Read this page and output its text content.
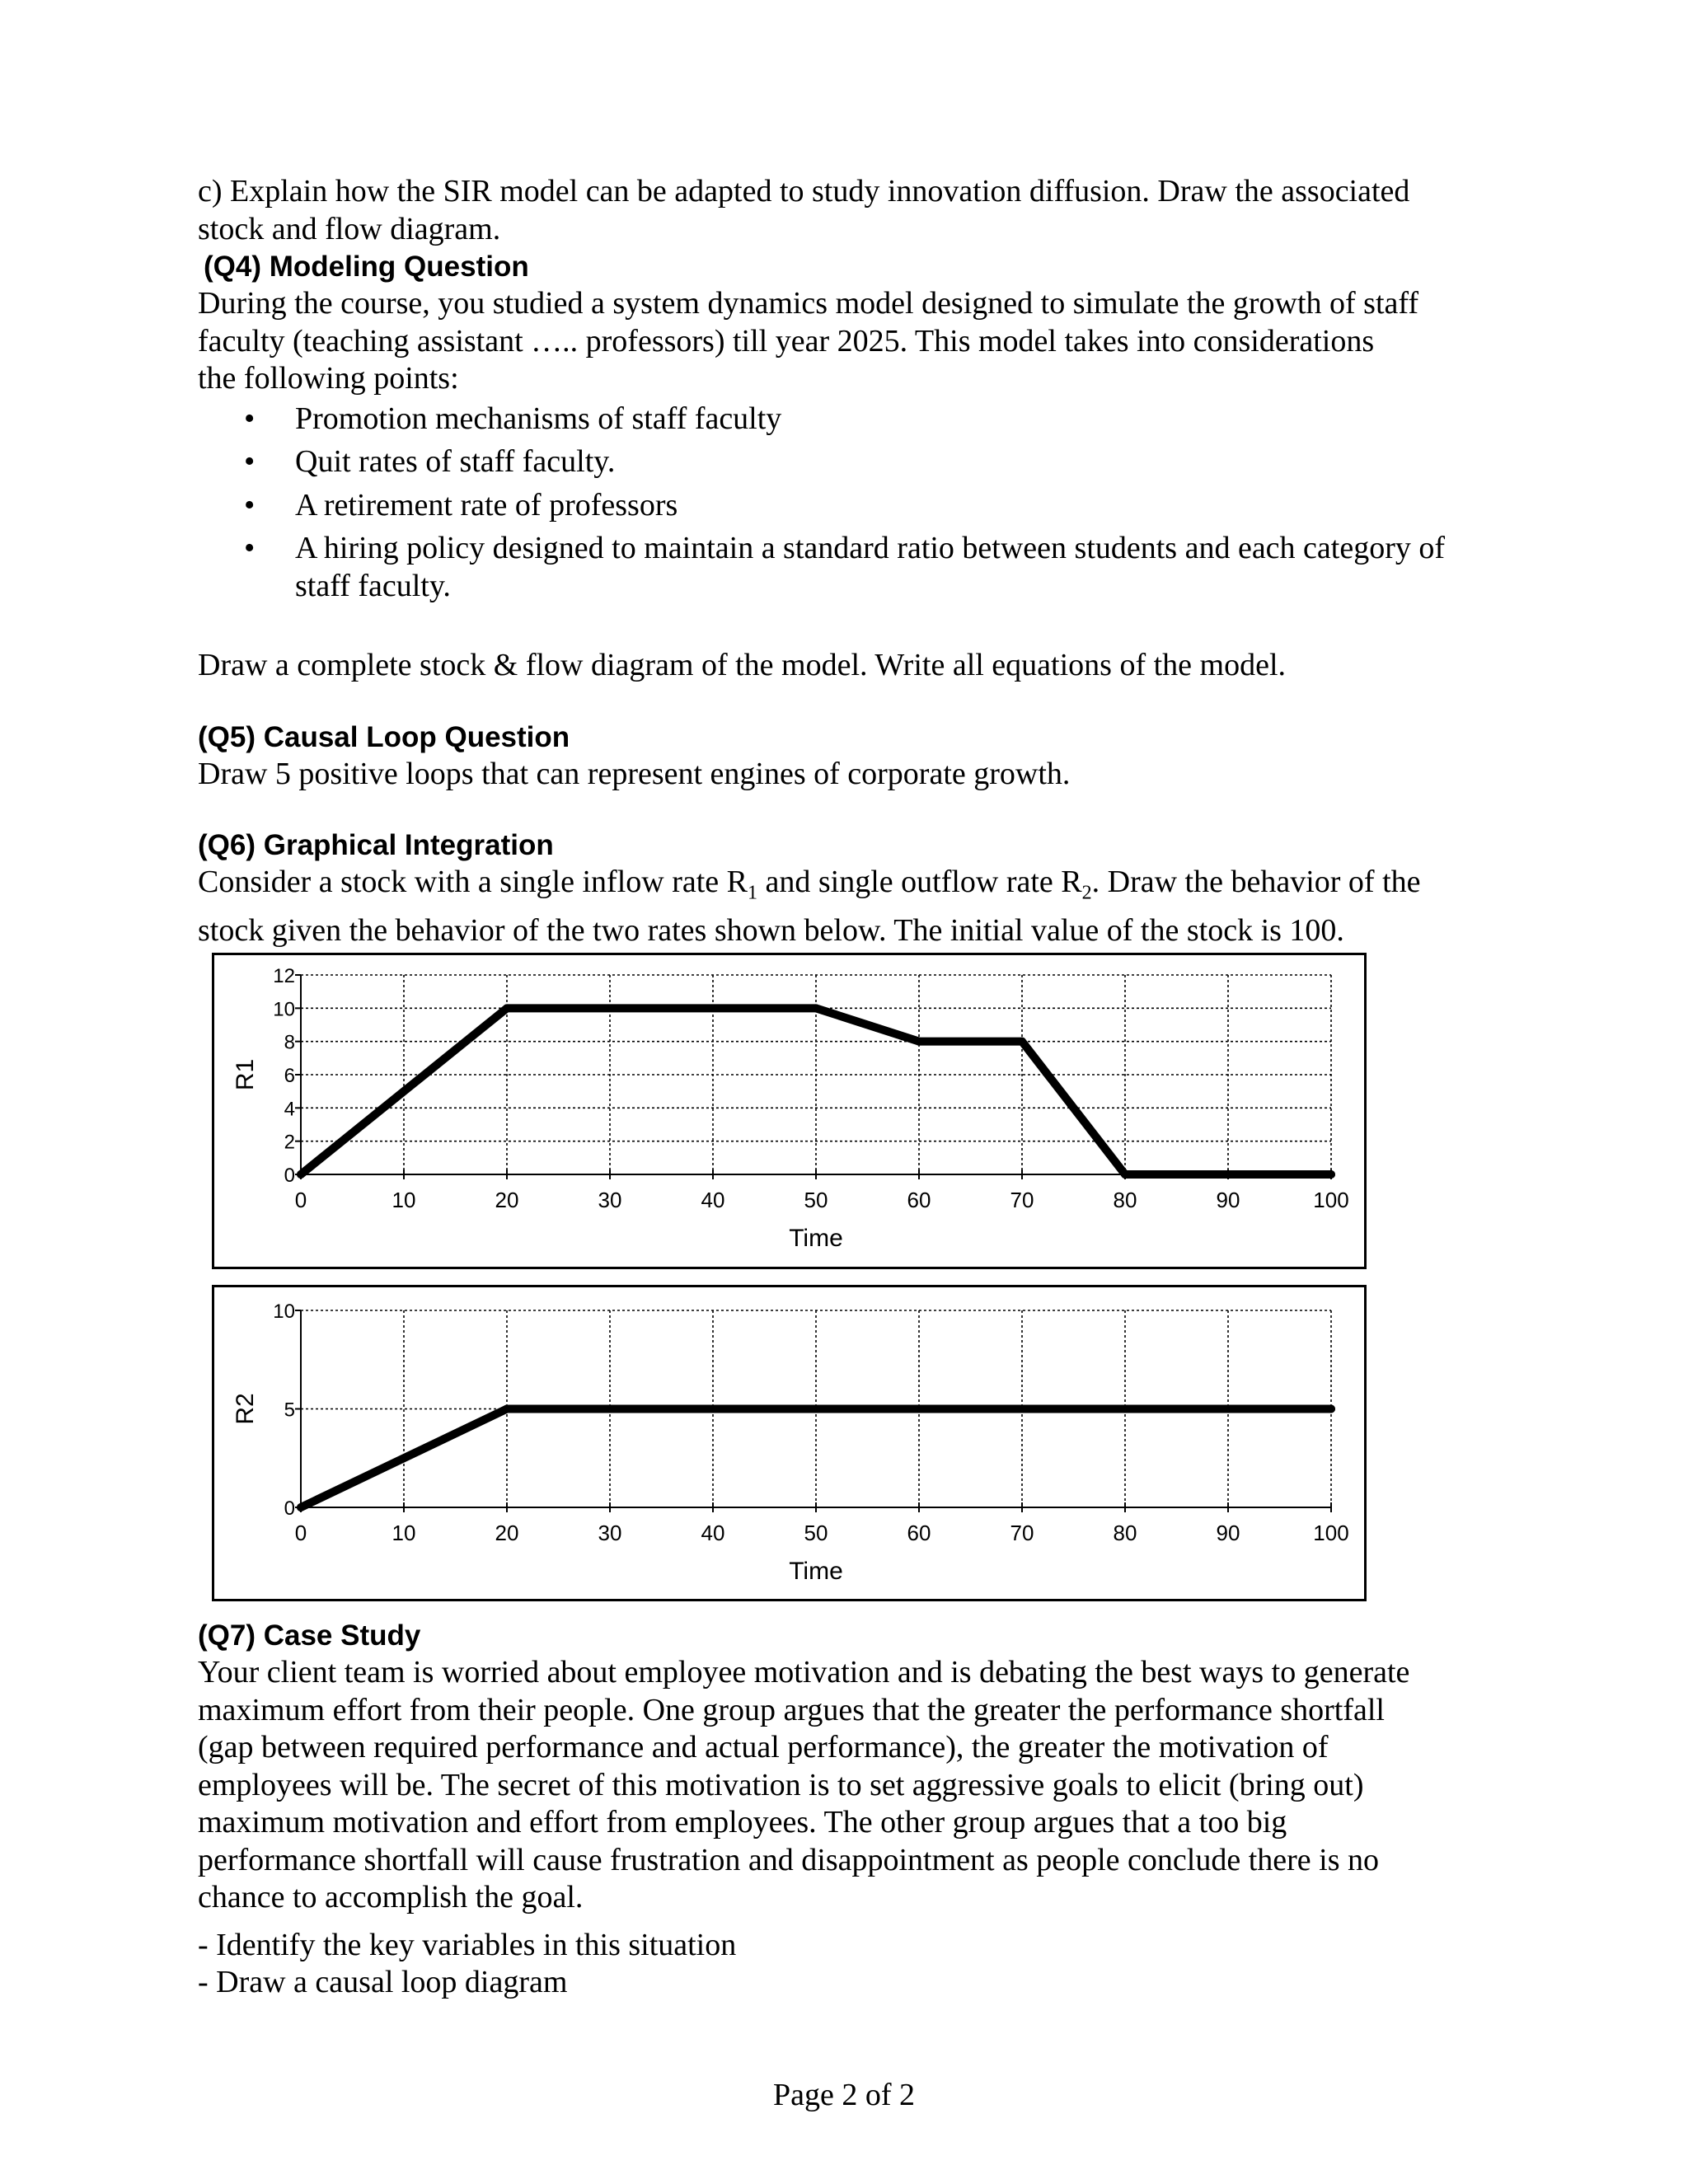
c) Explain how the SIR model can be adapted to study innovation diffusion. Draw the associated stock and flow diagram.

(Q4) Modeling Question

During the course, you studied a system dynamics model designed to simulate the growth of staff

faculty (teaching assistant ….. professors) till year 2025. This model takes into considerations

the following points:

• Promotion mechanisms of staff faculty
• Quit rates of staff faculty.
• A retirement rate of professors
• A hiring policy designed to maintain a standard ratio between students and each category of staff faculty.

Draw a complete stock & flow diagram of the model. Write all equations of the model.

(Q5) Causal Loop Question

Draw 5 positive loops that can represent engines of corporate growth.

(Q6) Graphical Integration

Consider a stock with a single inflow rate $R_1$ and single outflow rate $R_2$. Draw the behavior of the

stock given the behavior of the two rates shown below. The initial value of the stock is 100.

0	10	20	30	40	50	60	70	80	90	100
0
2
4
6
8
10
12
R1
Time
0	10	20	30	40	50	60	70	80	90	100
0
5
10
R2
Time

(Q7) Case Study

Your client team is worried about employee motivation and is debating the best ways to generate

maximum effort from their people. One group argues that the greater the performance shortfall

(gap between required performance and actual performance), the greater the motivation of

employees will be. The secret of this motivation is to set aggressive goals to elicit (bring out)

maximum motivation and effort from employees. The other group argues that a too big

performance shortfall will cause frustration and disappointment as people conclude there is no

chance to accomplish the goal.

- Identify the key variables in this situation

- Draw a causal loop diagram

Page 2 of 2
